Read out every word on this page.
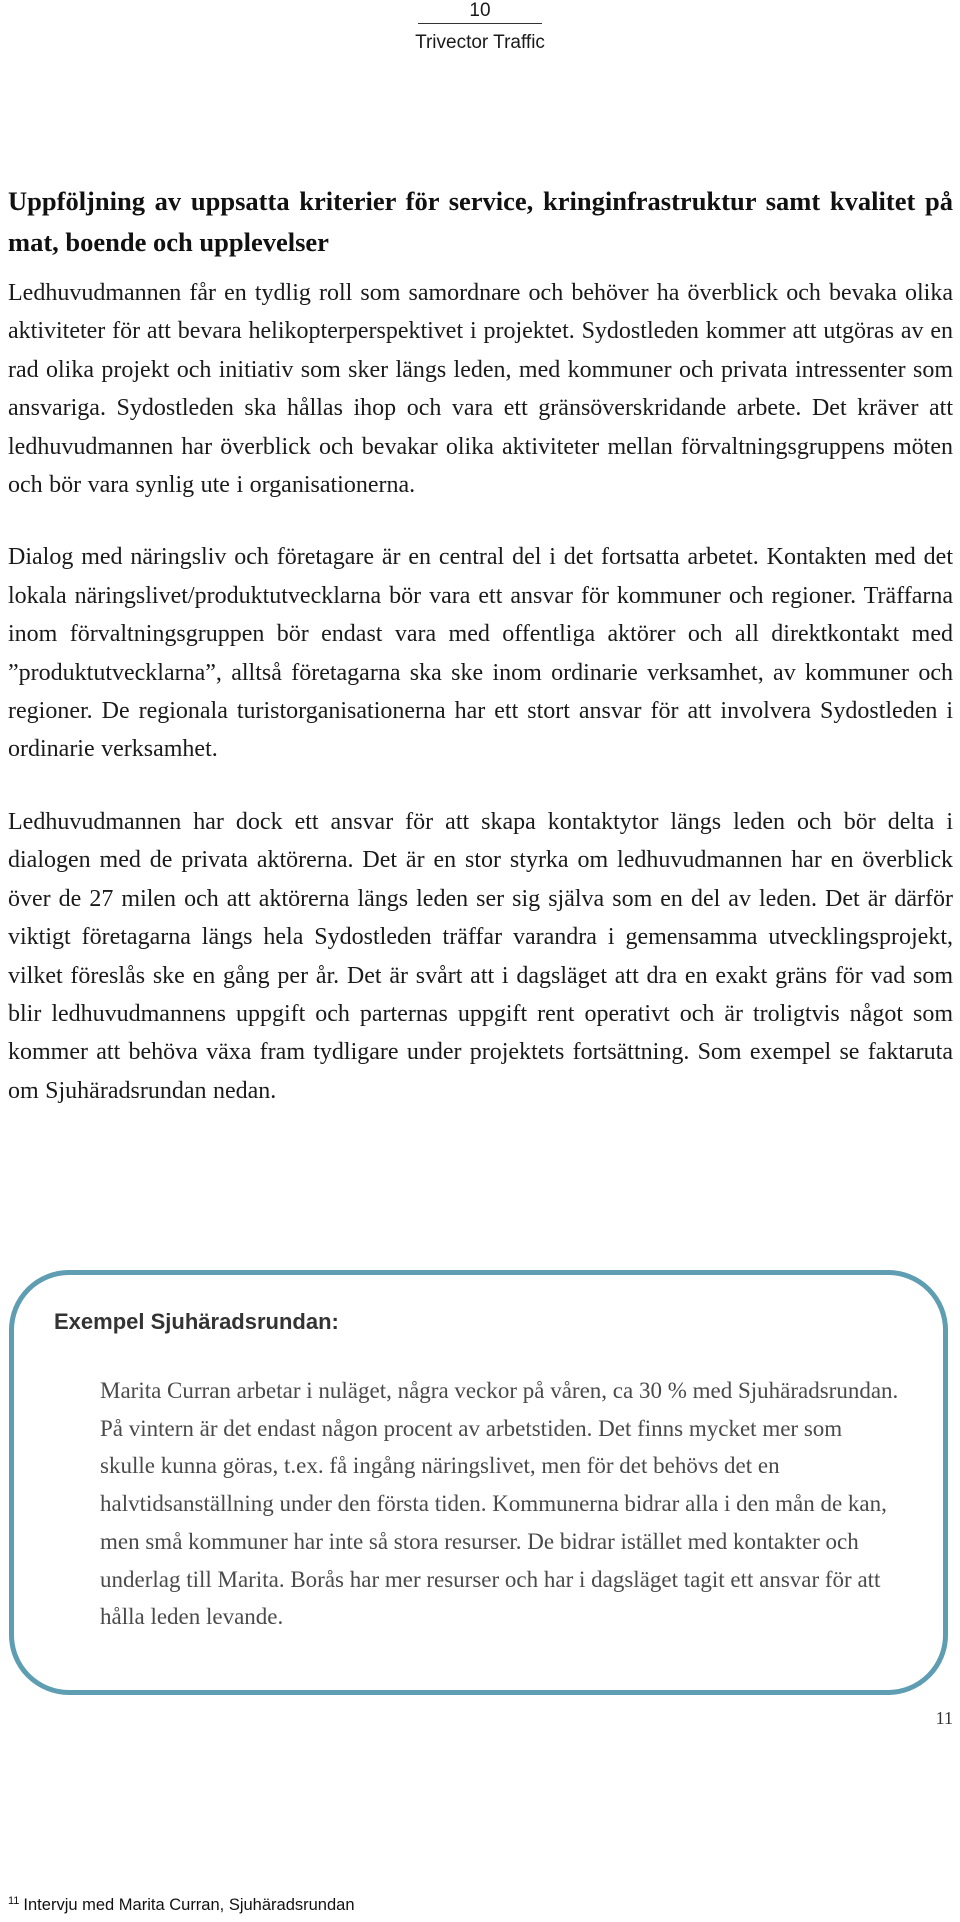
10
Trivector Traffic
Uppföljning av uppsatta kriterier för service, kringinfrastruktur samt kvalitet på mat, boende och upplevelser

Ledhuvudmannen får en tydlig roll som samordnare och behöver ha överblick och bevaka olika aktiviteter för att bevara helikopterperspektivet i projektet. Sydostleden kommer att utgöras av en rad olika projekt och initiativ som sker längs leden, med kommuner och privata intressenter som ansvariga. Sydostleden ska hållas ihop och vara ett gränsöverskridande arbete. Det kräver att ledhuvudmannen har överblick och bevakar olika aktiviteter mellan förvaltningsgruppens möten och bör vara synlig ute i organisationerna.

Dialog med näringsliv och företagare är en central del i det fortsatta arbetet. Kontakten med det lokala näringslivet/produktutvecklarna bör vara ett ansvar för kommuner och regioner. Träffarna inom förvaltningsgruppen bör endast vara med offentliga aktörer och all direktkontakt med ”produktutvecklarna”, alltså företagarna ska ske inom ordinarie verksamhet, av kommuner och regioner. De regionala turistorganisationerna har ett stort ansvar för att involvera Sydostleden i ordinarie verksamhet.

Ledhuvudmannen har dock ett ansvar för att skapa kontaktytor längs leden och bör delta i dialogen med de privata aktörerna. Det är en stor styrka om ledhuvudmannen har en överblick över de 27 milen och att aktörerna längs leden ser sig själva som en del av leden. Det är därför viktigt företagarna längs hela Sydostleden träffar varandra i gemensamma utvecklingsprojekt, vilket föreslås ske en gång per år. Det är svårt att i dagsläget att dra en exakt gräns för vad som blir ledhuvudmannens uppgift och parternas uppgift rent operativt och är troligtvis något som kommer att behöva växa fram tydligare under projektets fortsättning. Som exempel se faktaruta om Sjuhäradsrundan nedan.

Exempel Sjuhäradsrundan:

Marita Curran arbetar i nuläget, några veckor på våren, ca 30 % med Sjuhäradsrundan. På vintern är det endast någon procent av arbetstiden. Det finns mycket mer som skulle kunna göras, t.ex. få ingång näringslivet, men för det behövs det en halvtidsanställning under den första tiden. Kommunerna bidrar alla i den mån de kan, men små kommuner har inte så stora resurser. De bidrar istället med kontakter och underlag till Marita. Borås har mer resurser och har i dagsläget tagit ett ansvar för att hålla leden levande.

11
$^{11}$ Intervju med Marita Curran, Sjuhäradsrundan
